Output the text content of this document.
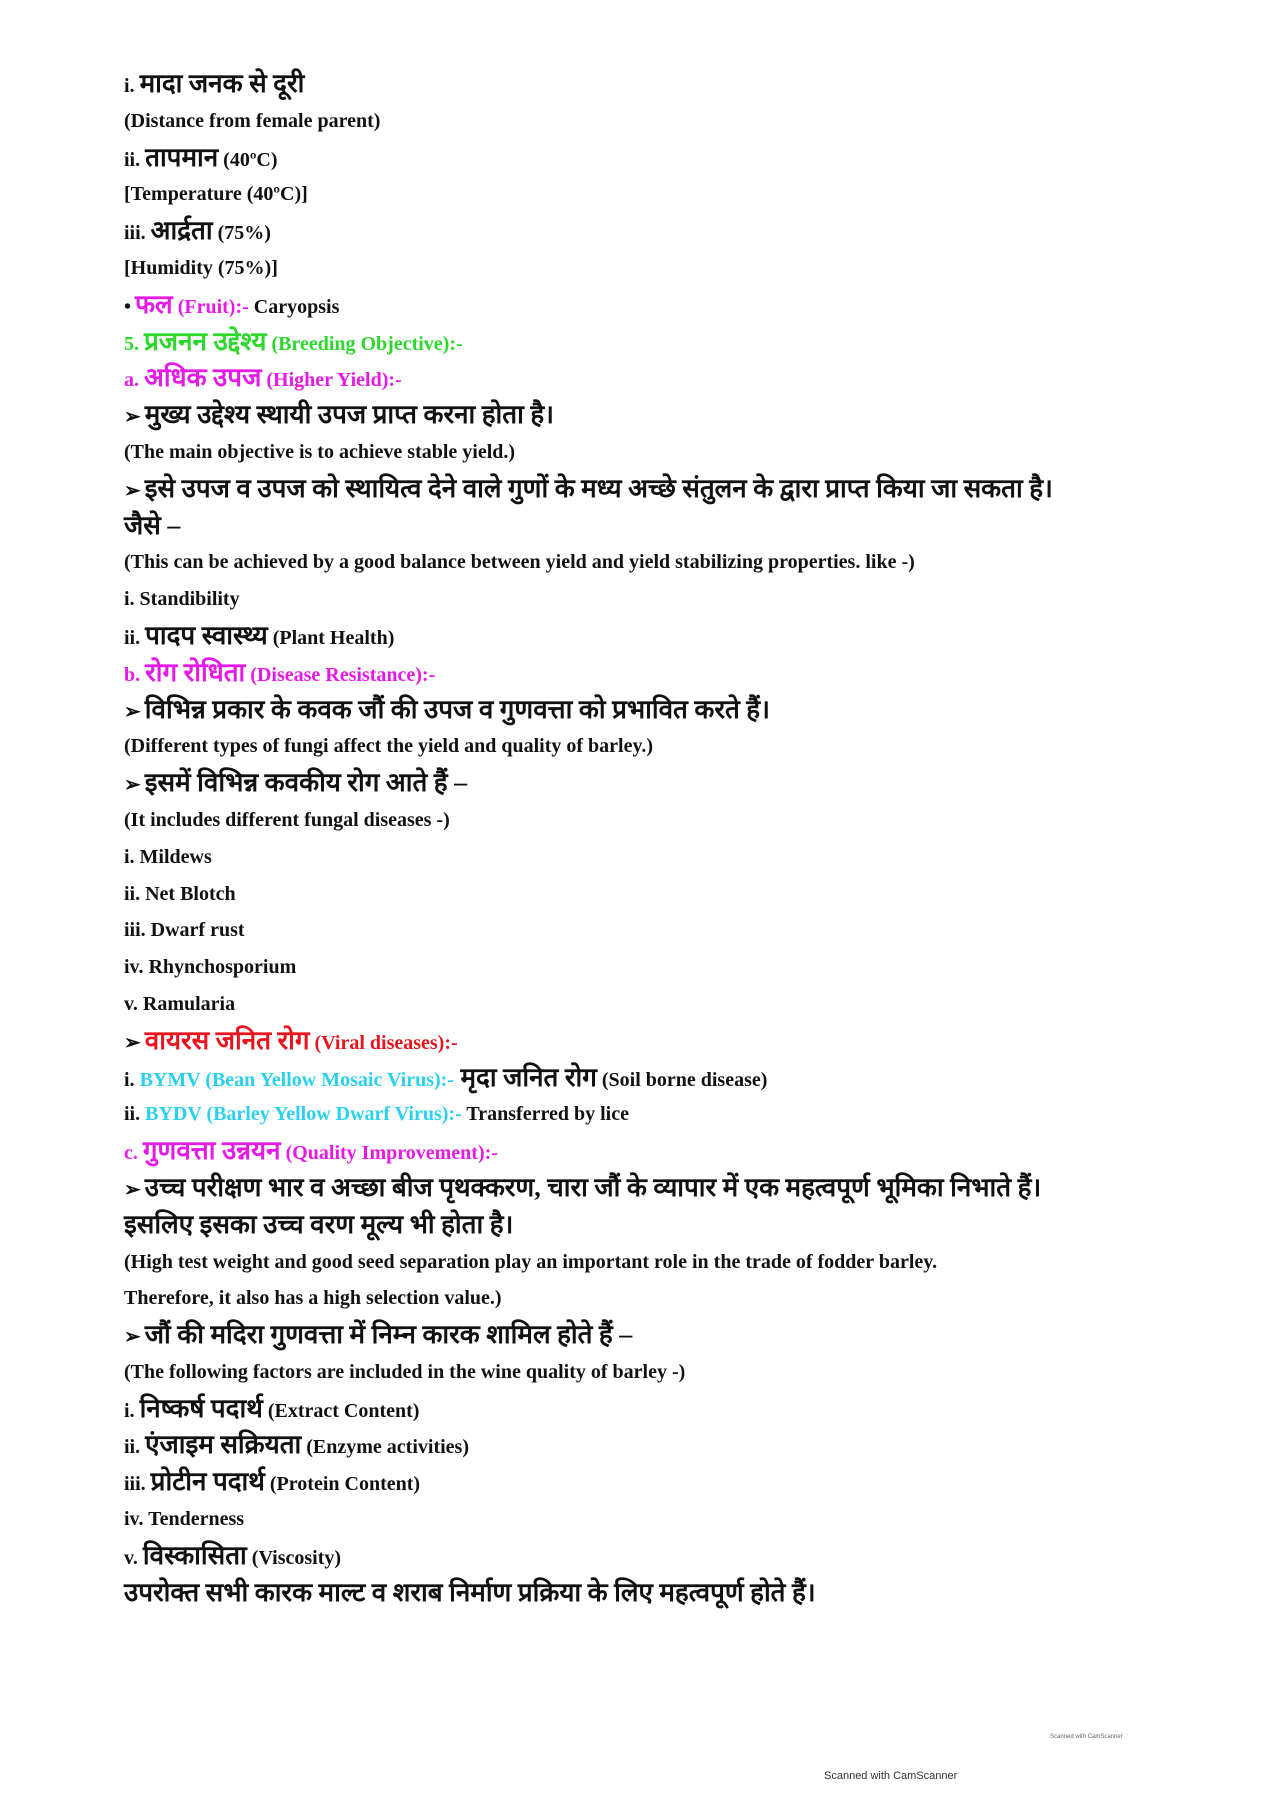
i. मादा जनक से दूरी
(Distance from female parent)
ii. तापमान (40ºC)
[Temperature (40ºC)]
iii. आर्द्रता (75%)
[Humidity (75%)]
• फल (Fruit):- Caryopsis
5. प्रजनन उद्देश्य (Breeding Objective):-
a. अधिक उपज (Higher Yield):-
➢ मुख्य उद्देश्य स्थायी उपज प्राप्त करना होता है।
(The main objective is to achieve stable yield.)
➢ इसे उपज व उपज को स्थायित्व देने वाले गुणों के मध्य अच्छे संतुलन के द्वारा प्राप्त किया जा सकता है।
जैसे –
(This can be achieved by a good balance between yield and yield stabilizing properties. like -)
i. Standibility
ii. पादप स्वास्थ्य (Plant Health)
b. रोग रोधिता (Disease Resistance):-
➢ विभिन्न प्रकार के कवक जौं की उपज व गुणवत्ता को प्रभावित करते हैं।
(Different types of fungi affect the yield and quality of barley.)
➢ इसमें विभिन्न कवकीय रोग आते हैं –
(It includes different fungal diseases -)
i. Mildews
ii. Net Blotch
iii. Dwarf rust
iv. Rhynchosporium
v. Ramularia
➢ वायरस जनित रोग (Viral diseases):-
i. BYMV (Bean Yellow Mosaic Virus):- मृदा जनित रोग (Soil borne disease)
ii. BYDV (Barley Yellow Dwarf Virus):- Transferred by lice
c. गुणवत्ता उन्नयन (Quality Improvement):-
➢ उच्च परीक्षण भार व अच्छा बीज पृथक्करण, चारा जौं के व्यापार में एक महत्वपूर्ण भूमिका निभाते हैं।
इसलिए इसका उच्च वरण मूल्य भी होता है।
(High test weight and good seed separation play an important role in the trade of fodder barley.
Therefore, it also has a high selection value.)
➢ जौं की मदिरा गुणवत्ता में निम्न कारक शामिल होते हैं –
(The following factors are included in the wine quality of barley -)
i. निष्कर्ष पदार्थ (Extract Content)
ii. एंजाइम सक्रियता (Enzyme activities)
iii. प्रोटीन पदार्थ (Protein Content)
iv. Tenderness
v. विस्कासिता (Viscosity)
उपरोक्त सभी कारक माल्ट व शराब निर्माण प्रक्रिया के लिए महत्वपूर्ण होते हैं।
Scanned with CamScanner
Scanned with CamScanner
